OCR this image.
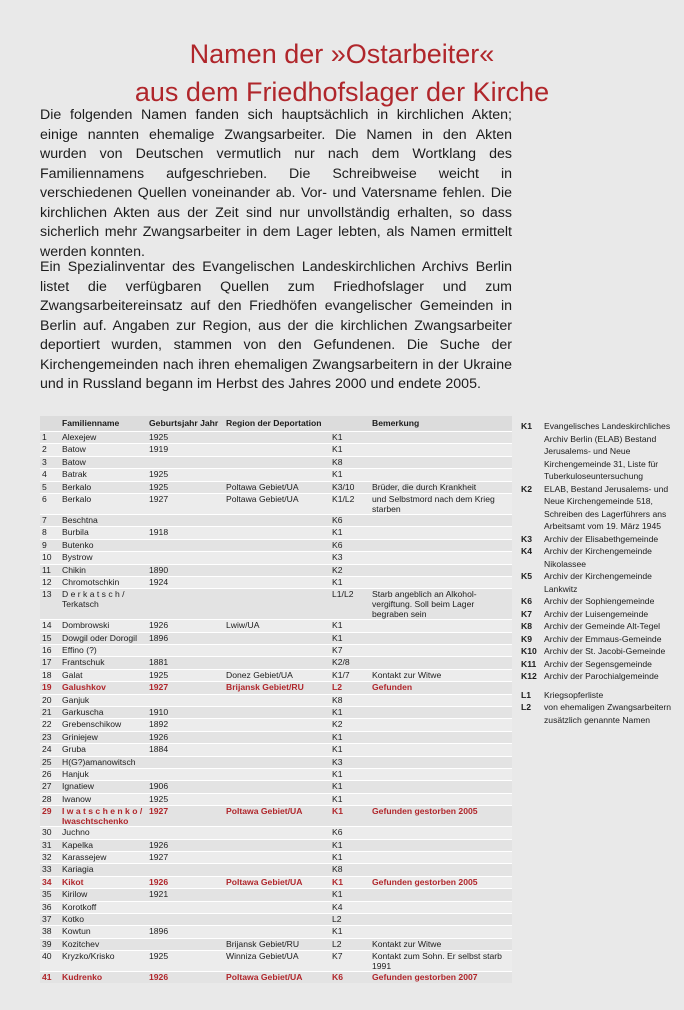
Namen der »Ostarbeiter«
aus dem Friedhofslager der Kirche

Die folgenden Namen fanden sich hauptsächlich in kirchlichen Akten; einige nannten ehemalige Zwangsarbeiter. Die Namen in den Akten wurden von Deutschen vermutlich nur nach dem Wortklang des Familiennamens aufgeschrieben. Die Schreibweise weicht in verschiedenen Quellen voneinander ab. Vor- und Vatersname fehlen. Die kirchlichen Akten aus der Zeit sind nur unvollständig erhalten, so dass sicherlich mehr Zwangsarbeiter in dem Lager lebten, als Namen ermittelt werden konnten.

Ein Spezialinventar des Evangelischen Landeskirchlichen Archivs Berlin listet die verfügbaren Quellen zum Friedhofslager und zum Zwangsarbeitereinsatz auf den Friedhöfen evangelischer Gemeinden in Berlin auf. Angaben zur Region, aus der die kirchlichen Zwangsarbeiter deportiert wurden, stammen von den Gefundenen. Die Suche der Kirchengemeinden nach ihren ehemaligen Zwangsarbeitern in der Ukraine und in Russland begann im Herbst des Jahres 2000 und endete 2005.

	Familienname	Geburtsjahr Jahr	Region der Deportation		Bemerkung
1	Alexejew	1925		K1	
2	Batow	1919		K1	
3	Batow			K8	
4	Batrak	1925		K1	
5	Berkalo	1925	Poltawa Gebiet/UA	K3/10	Brüder, die durch Krankheit
6	Berkalo	1927	Poltawa Gebiet/UA	K1/L2	und Selbstmord nach dem Krieg starben
7	Beschtna			K6	
8	Burbila	1918		K1	
9	Butenko			K6	
10	Bystrow			K3	
11	Chikin	1890		K2	
12	Chromotschkin	1924		K1	
13	D e r k a t s c h / Terkatsch			L1/L2	Starb angeblich an Alkohol-vergiftung. Soll beim Lager begraben sein
14	Dombrowski	1926	Lwiw/UA	K1	
15	Dowgil oder Dorogil	1896		K1	
16	Effino (?)			K7	
17	Frantschuk	1881		K2/8	
18	Galat	1925	Donez Gebiet/UA	K1/7	Kontakt zur Witwe
19	Galushkov	1927	Brijansk Gebiet/RU	L2	Gefunden
20	Ganjuk			K8	
21	Garkuscha	1910		K1	
22	Grebenschikow	1892		K2	
23	Griniejew	1926		K1	
24	Gruba	1884		K1	
25	H(G?)amanowitsch			K3	
26	Hanjuk			K1	
27	Ignatiew	1906		K1	
28	Iwanow	1925		K1	
29	I w a t s c h e n k o / Iwaschtschenko	1927	Poltawa Gebiet/UA	K1	Gefunden gestorben 2005
30	Juchno			K6	
31	Kapelka	1926		K1	
32	Karassejew	1927		K1	
33	Kariagia			K8	
34	Kikot	1926	Poltawa Gebiet/UA	K1	Gefunden gestorben 2005
35	Kirilow	1921		K1	
36	Korotkoff			K4	
37	Kotko			L2	
38	Kowtun	1896		K1	
39	Kozitchev		Brijansk Gebiet/RU	L2	Kontakt zur Witwe
40	Kryzko/Krisko	1925	Winniza Gebiet/UA	K7	Kontakt zum Sohn. Er selbst starb 1991
41	Kudrenko	1926	Poltawa Gebiet/UA	K6	Gefunden gestorben 2007
K1	Evangelisches Landeskirchliches Archiv Berlin (ELAB) Bestand Jerusalems- und Neue Kirchengemeinde 31, Liste für Tuberkuloseuntersuchung
K2	ELAB, Bestand Jerusalems- und Neue Kirchengemeinde 518, Schreiben des Lagerführers ans Arbeitsamt vom 19. März 1945
K3	Archiv der Elisabethgemeinde
K4	Archiv der Kirchengemeinde Nikolassee
K5	Archiv der Kirchengemeinde Lankwitz
K6	Archiv der Sophiengemeinde
K7	Archiv der Luisengemeinde
K8	Archiv der Gemeinde Alt-Tegel
K9	Archiv der Emmaus-Gemeinde
K10 Archiv der St. Jacobi-Gemeinde
K11 Archiv der Segensgemeinde
K12 Archiv der Parochialgemeinde
L1	Kriegsopferliste
L2	von ehemaligen Zwangsarbeitern zusätzlich genannte Namen
